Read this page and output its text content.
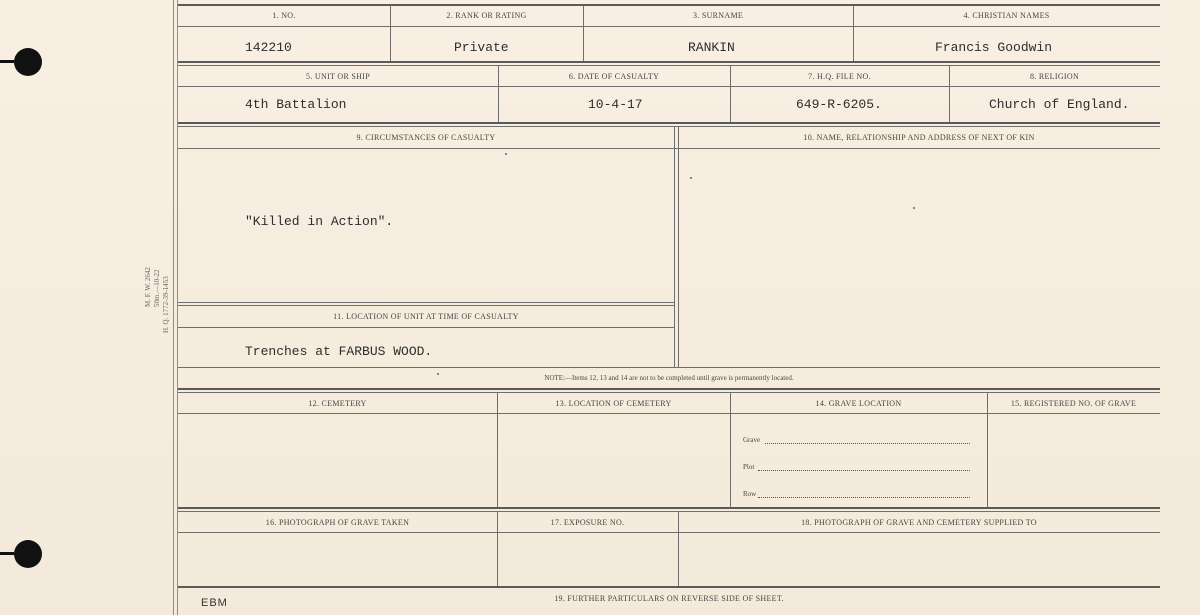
M. F. W. 2642 50m.—10-22 H. Q. 1772-39-1453
1. NO.	2. RANK OR RATING	3. SURNAME	4. CHRISTIAN NAMES
142210	Private	RANKIN	Francis Goodwin
5. UNIT OR SHIP	6. DATE OF CASUALTY	7. H.Q. FILE NO.	8. RELIGION
4th Battalion	10-4-17	649-R-6205.	Church of England.
9. CIRCUMSTANCES OF CASUALTY	10. NAME, RELATIONSHIP AND ADDRESS OF NEXT OF KIN
"Killed in Action".
11. LOCATION OF UNIT AT TIME OF CASUALTY
Trenches at FARBUS WOOD.
NOTE:—Items 12, 13 and 14 are not to be completed until grave is permanently located.
12. CEMETERY	13. LOCATION OF CEMETERY	14. GRAVE LOCATION	15. REGISTERED NO. OF GRAVE
Grave
Plot
Row
16. PHOTOGRAPH OF GRAVE TAKEN	17. EXPOSURE NO.	18. PHOTOGRAPH OF GRAVE AND CEMETERY SUPPLIED TO
19. FURTHER PARTICULARS ON REVERSE SIDE OF SHEET.
EBM
